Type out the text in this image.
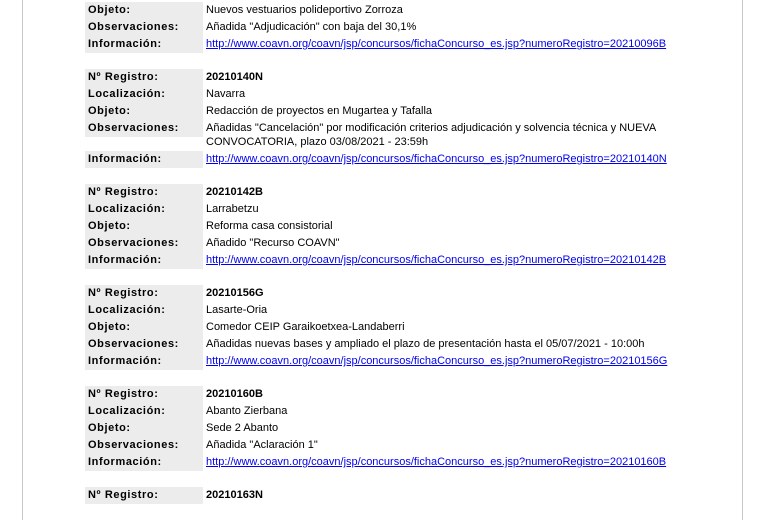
Objeto:	Nuevos vestuarios polideportivo Zorroza
Observaciones:	Añadida "Adjudicación" con baja del 30,1%
Información:	http://www.coavn.org/coavn/jsp/concursos/fichaConcurso_es.jsp?numeroRegistro=20210096B
Nº Registro:	20210140N
Localización:	Navarra
Objeto:	Redacción de proyectos en Mugartea y Tafalla
Observaciones:	Añadidas "Cancelación" por modificación criterios adjudicación y solvencia técnica y NUEVA CONVOCATORIA, plazo 03/08/2021 - 23:59h
Información:	http://www.coavn.org/coavn/jsp/concursos/fichaConcurso_es.jsp?numeroRegistro=20210140N
Nº Registro:	20210142B
Localización:	Larrabetzu
Objeto:	Reforma casa consistorial
Observaciones:	Añadido "Recurso COAVN"
Información:	http://www.coavn.org/coavn/jsp/concursos/fichaConcurso_es.jsp?numeroRegistro=20210142B
Nº Registro:	20210156G
Localización:	Lasarte-Oria
Objeto:	Comedor CEIP Garaikoetxea-Landaberri
Observaciones:	Añadidas nuevas bases y ampliado el plazo de presentación hasta el 05/07/2021 - 10:00h
Información:	http://www.coavn.org/coavn/jsp/concursos/fichaConcurso_es.jsp?numeroRegistro=20210156G
Nº Registro:	20210160B
Localización:	Abanto Zierbana
Objeto:	Sede 2 Abanto
Observaciones:	Añadida "Aclaración 1"
Información:	http://www.coavn.org/coavn/jsp/concursos/fichaConcurso_es.jsp?numeroRegistro=20210160B
Nº Registro:	20210163N
